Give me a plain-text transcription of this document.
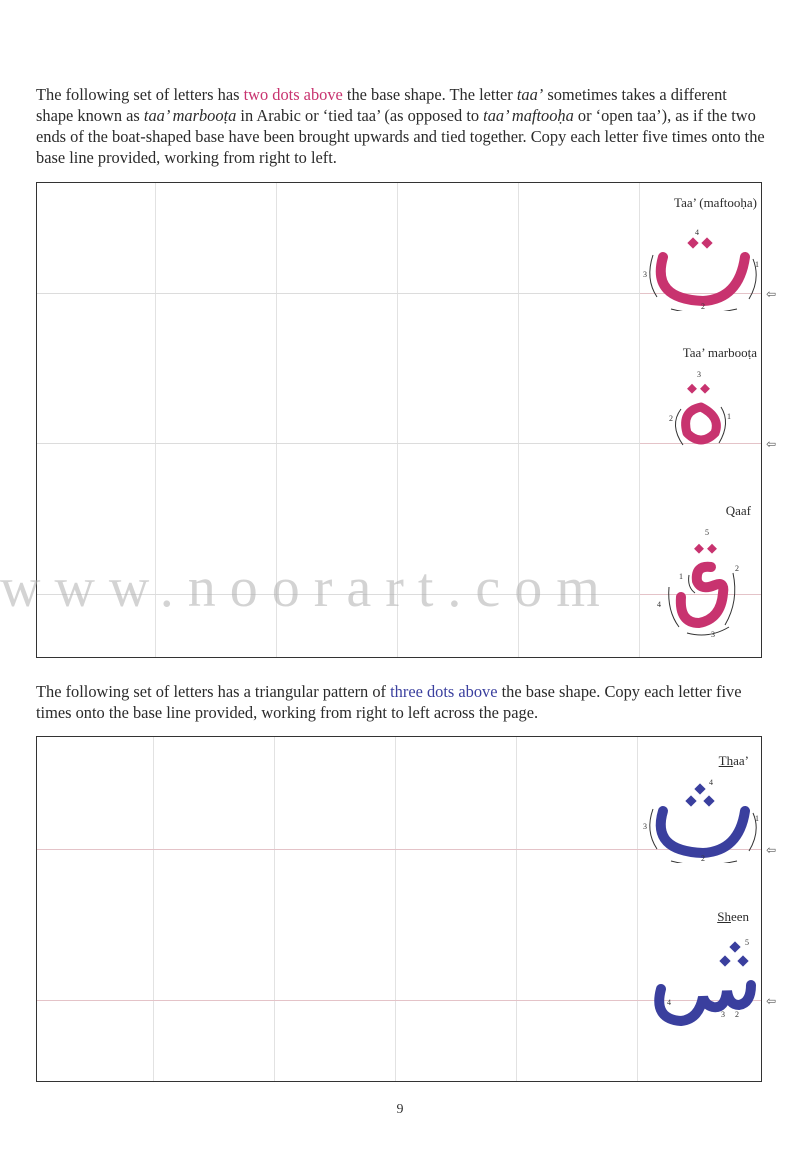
The following set of letters has two dots above the base shape. The letter taa’ sometimes takes a different shape known as taa’ marbooṭa in Arabic or ‘tied taa’ (as opposed to taa’ maftooḥa or ‘open taa’), as if the two ends of the boat-shaped base have been brought upwards and tied together. Copy each letter five times onto the base line provided, working from right to left.

Taa’ (maftooḥa)
4
3
1
2
Taa’ marbooṭa
3
2	1
Qaaf
5
1
2
4
3
⇦
⇦
www.noorart.com

The following set of letters has a triangular pattern of three dots above the base shape. Copy each letter five times onto the base line provided, working from right to left across the page.

Thaa’
4
3
1
2
Sheen
5
4
3 2
⇦
⇦
9
